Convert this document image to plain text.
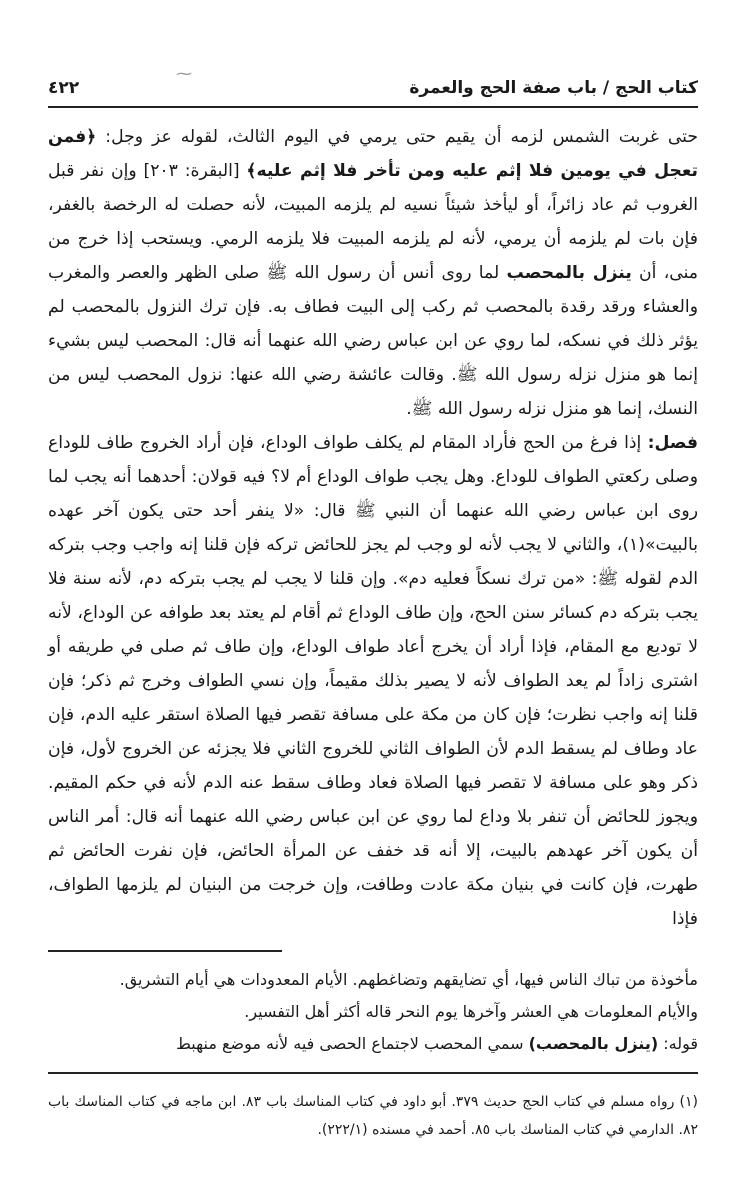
⁓
كتاب الحج / باب صفة الحج والعمرة
٤٢٢

حتى غربت الشمس لزمه أن يقيم حتى يرمي في اليوم الثالث، لقوله عز وجل: ﴿فمن تعجل في يومين فلا إثم عليه ومن تأخر فلا إثم عليه﴾ [البقرة: ٢٠٣] وإن نفر قبل الغروب ثم عاد زائراً، أو ليأخذ شيئاً نسيه لم يلزمه المبيت، لأنه حصلت له الرخصة بالغفر، فإن بات لم يلزمه أن يرمي، لأنه لم يلزمه المبيت فلا يلزمه الرمي. ويستحب إذا خرج من منى، أن ينزل بالمحصب لما روى أنس أن رسول الله ﷺ صلى الظهر والعصر والمغرب والعشاء ورقد رقدة بالمحصب ثم ركب إلى البيت فطاف به. فإن ترك النزول بالمحصب لم يؤثر ذلك في نسكه، لما روي عن ابن عباس رضي الله عنهما أنه قال: المحصب ليس بشيء إنما هو منزل نزله رسول الله ﷺ. وقالت عائشة رضي الله عنها: نزول المحصب ليس من النسك، إنما هو منزل نزله رسول الله ﷺ.

فصل: إذا فرغ من الحج فأراد المقام لم يكلف طواف الوداع، فإن أراد الخروج طاف للوداع وصلى ركعتي الطواف للوداع. وهل يجب طواف الوداع أم لا؟ فيه قولان: أحدهما أنه يجب لما روى ابن عباس رضي الله عنهما أن النبي ﷺ قال: «لا ينفر أحد حتى يكون آخر عهده بالبيت»(١)، والثاني لا يجب لأنه لو وجب لم يجز للحائض تركه فإن قلنا إنه واجب وجب بتركه الدم لقوله ﷺ: «من ترك نسكاً فعليه دم». وإن قلنا لا يجب لم يجب بتركه دم، لأنه سنة فلا يجب بتركه دم كسائر سنن الحج، وإن طاف الوداع ثم أقام لم يعتد بعد طوافه عن الوداع، لأنه لا توديع مع المقام، فإذا أراد أن يخرج أعاد طواف الوداع، وإن طاف ثم صلى في طريقه أو اشترى زاداً لم يعد الطواف لأنه لا يصير بذلك مقيماً، وإن نسي الطواف وخرج ثم ذكر؛ فإن قلنا إنه واجب نظرت؛ فإن كان من مكة على مسافة تقصر فيها الصلاة استقر عليه الدم، فإن عاد وطاف لم يسقط الدم لأن الطواف الثاني للخروج الثاني فلا يجزئه عن الخروج لأول، فإن ذكر وهو على مسافة لا تقصر فيها الصلاة فعاد وطاف سقط عنه الدم لأنه في حكم المقيم. ويجوز للحائض أن تنفر بلا وداع لما روي عن ابن عباس رضي الله عنهما أنه قال: أمر الناس أن يكون آخر عهدهم بالبيت، إلا أنه قد خفف عن المرأة الحائض، فإن نفرت الحائض ثم طهرت، فإن كانت في بنيان مكة عادت وطافت، وإن خرجت من البنيان لم يلزمها الطواف، فإذا

مأخوذة من تباك الناس فيها، أي تضايقهم وتضاغطهم. الأيام المعدودات هي أيام التشريق.

والأيام المعلومات هي العشر وآخرها يوم النحر قاله أكثر أهل التفسير.

قوله: (ينزل بالمحصب) سمي المحصب لاجتماع الحصى فيه لأنه موضع منهبط

(١) رواه مسلم في كتاب الحج حديث ٣٧٩. أبو داود في كتاب المناسك باب ٨٣. ابن ماجه في كتاب المناسك باب ٨٢. الدارمي في كتاب المناسك باب ٨٥. أحمد في مسنده (٢٢٢/١).
